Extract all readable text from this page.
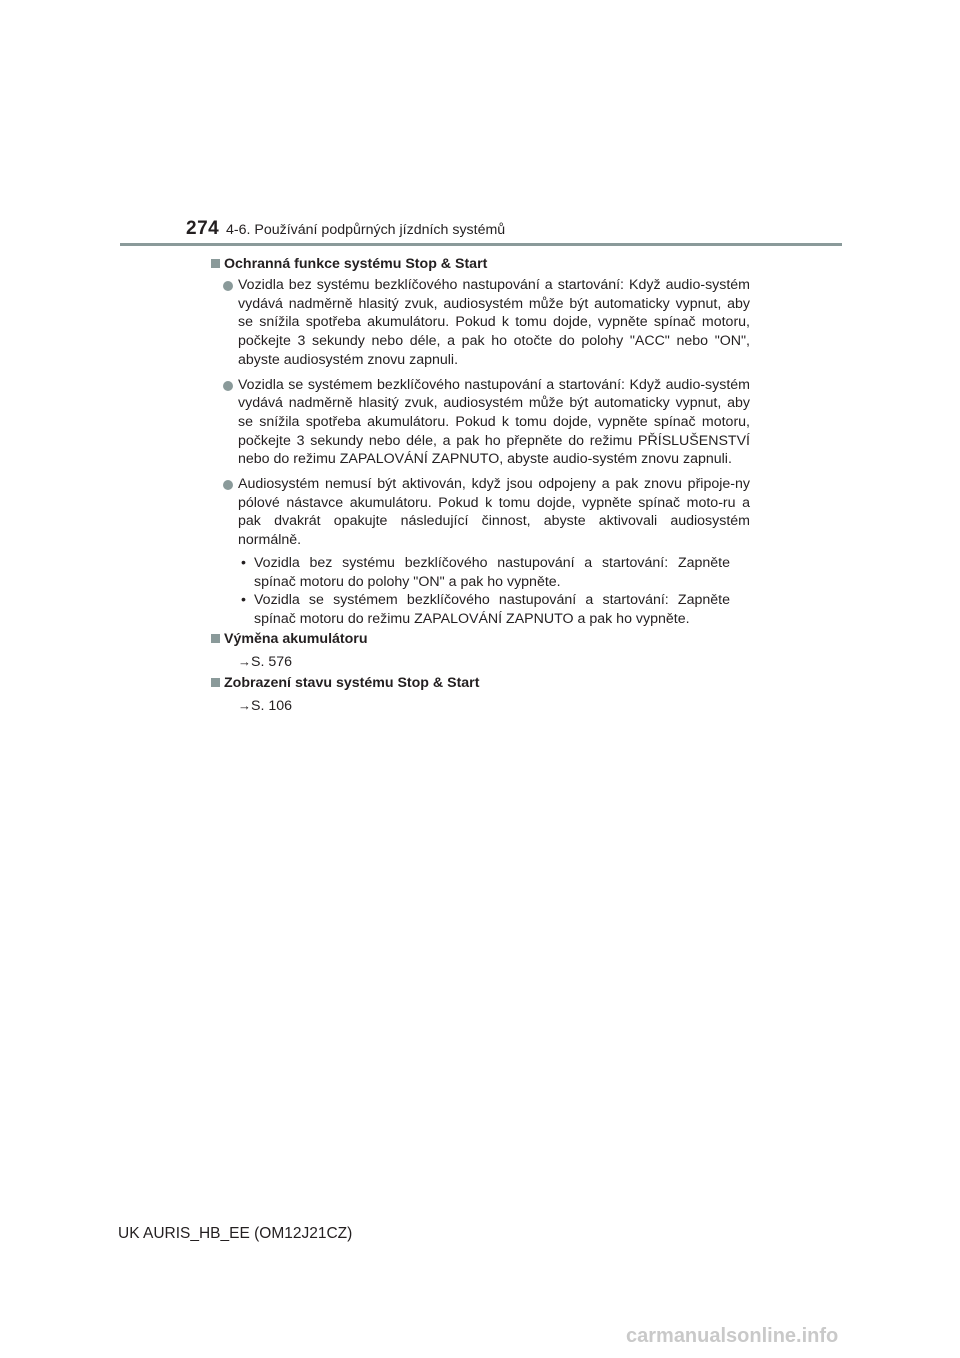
274 4-6. Používání podpůrných jízdních systémů
Ochranná funkce systému Stop & Start
Vozidla bez systému bezklíčového nastupování a startování: Když audio-systém vydává nadměrně hlasitý zvuk, audiosystém může být automaticky vypnut, aby se snížila spotřeba akumulátoru. Pokud k tomu dojde, vypněte spínač motoru, počkejte 3 sekundy nebo déle, a pak ho otočte do polohy "ACC" nebo "ON", abyste audiosystém znovu zapnuli.
Vozidla se systémem bezklíčového nastupování a startování: Když audio-systém vydává nadměrně hlasitý zvuk, audiosystém může být automaticky vypnut, aby se snížila spotřeba akumulátoru. Pokud k tomu dojde, vypněte spínač motoru, počkejte 3 sekundy nebo déle, a pak ho přepněte do režimu PŘÍSLUŠENSTVÍ nebo do režimu ZAPALOVÁNÍ ZAPNUTO, abyste audio-systém znovu zapnuli.
Audiosystém nemusí být aktivován, když jsou odpojeny a pak znovu připoje-ny pólové nástavce akumulátoru. Pokud k tomu dojde, vypněte spínač moto-ru a pak dvakrát opakujte následující činnost, abyste aktivovali audiosystém normálně.
• Vozidla bez systému bezklíčového nastupování a startování: Zapněte spínač motoru do polohy "ON" a pak ho vypněte.
• Vozidla se systémem bezklíčového nastupování a startování: Zapněte spínač motoru do režimu ZAPALOVÁNÍ ZAPNUTO a pak ho vypněte.
Výměna akumulátoru
→S. 576
Zobrazení stavu systému Stop & Start
→S. 106
UK AURIS_HB_EE (OM12J21CZ)
carmanualsonline.info
